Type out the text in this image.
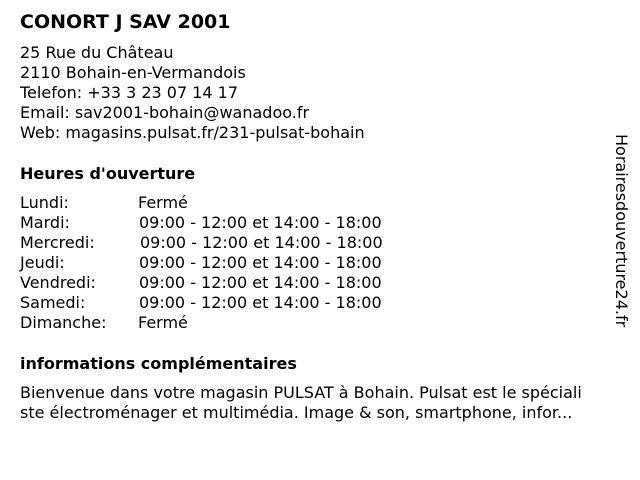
CONORT J SAV 2001
25 Rue du Château
2110 Bohain-en-Vermandois
Telefon: +33 3 23 07 14 17
Email: sav2001-bohain@wanadoo.fr
Web: magasins.pulsat.fr/231-pulsat-bohain
Heures d'ouverture
Lundi:	Fermé
Mardi:	09:00 - 12:00 et 14:00 - 18:00
Mercredi:	09:00 - 12:00 et 14:00 - 18:00
Jeudi:	09:00 - 12:00 et 14:00 - 18:00
Vendredi:	09:00 - 12:00 et 14:00 - 18:00
Samedi:	09:00 - 12:00 et 14:00 - 18:00
Dimanche: Fermé
informations complémentaires
Bienvenue dans votre magasin PULSAT à Bohain. Pulsat est le spéciali
ste électroménager et multimédia. Image & son, smartphone, infor...
Horairesdouverture24.fr
